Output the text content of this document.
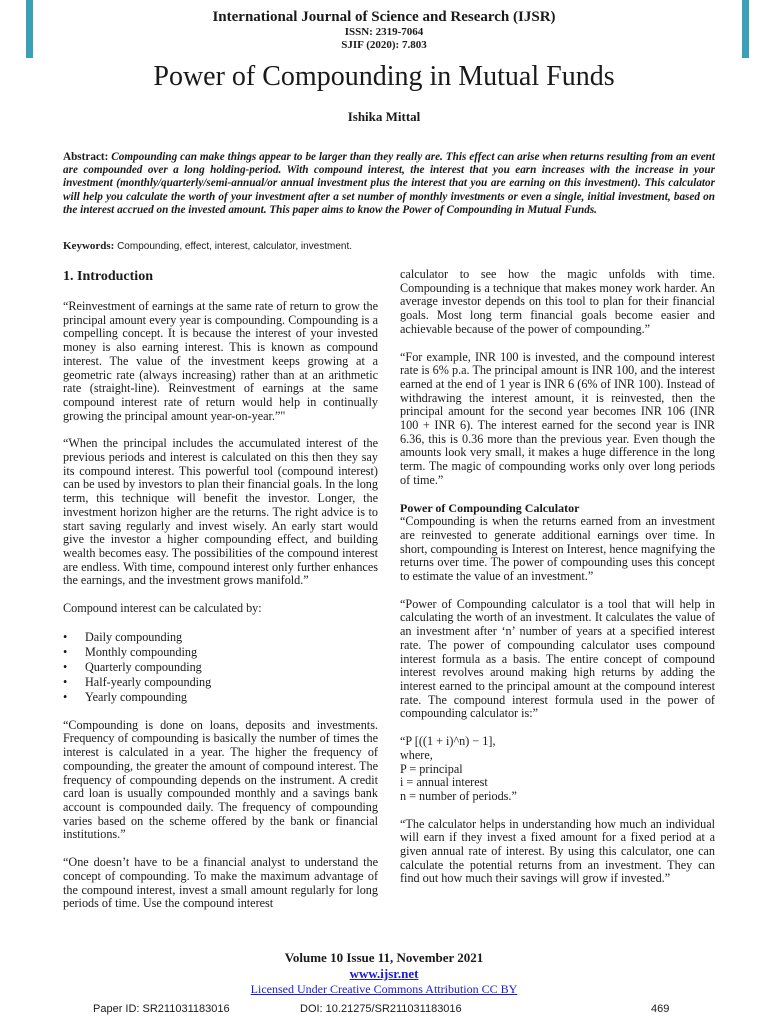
International Journal of Science and Research (IJSR)
ISSN: 2319-7064
SJIF (2020): 7.803
Power of Compounding in Mutual Funds
Ishika Mittal
Abstract: Compounding can make things appear to be larger than they really are. This effect can arise when returns resulting from an event are compounded over a long holding-period. With compound interest, the interest that you earn increases with the increase in your investment (monthly/quarterly/semi-annual/or annual investment plus the interest that you are earning on this investment). This calculator will help you calculate the worth of your investment after a set number of monthly investments or even a single, initial investment, based on the interest accrued on the invested amount. This paper aims to know the Power of Compounding in Mutual Funds.
Keywords: Compounding, effect, interest, calculator, investment.
1. Introduction

“Reinvestment of earnings at the same rate of return to grow the principal amount every year is compounding. Compounding is a compelling concept. It is because the interest of your invested money is also earning interest. This is known as compound interest. The value of the investment keeps growing at a geometric rate (always increasing) rather than at an arithmetic rate (straight-line). Reinvestment of earnings at the same compound interest rate of return would help in continually growing the principal amount year-on-year.”"

“When the principal includes the accumulated interest of the previous periods and interest is calculated on this then they say its compound interest. This powerful tool (compound interest) can be used by investors to plan their financial goals. In the long term, this technique will benefit the investor. Longer, the investment horizon higher are the returns. The right advice is to start saving regularly and invest wisely. An early start would give the investor a higher compounding effect, and building wealth becomes easy. The possibilities of the compound interest are endless. With time, compound interest only further enhances the earnings, and the investment grows manifold.”

Compound interest can be calculated by:

• Daily compounding
• Monthly compounding
• Quarterly compounding
• Half-yearly compounding
• Yearly compounding

“Compounding is done on loans, deposits and investments. Frequency of compounding is basically the number of times the interest is calculated in a year. The higher the frequency of compounding, the greater the amount of compound interest. The frequency of compounding depends on the instrument. A credit card loan is usually compounded monthly and a savings bank account is compounded daily. The frequency of compounding varies based on the scheme offered by the bank or financial institutions.”

“One doesn’t have to be a financial analyst to understand the concept of compounding. To make the maximum advantage of the compound interest, invest a small amount regularly for long periods of time. Use the compound interest

calculator to see how the magic unfolds with time. Compounding is a technique that makes money work harder. An average investor depends on this tool to plan for their financial goals. Most long term financial goals become easier and achievable because of the power of compounding.”

“For example, INR 100 is invested, and the compound interest rate is 6% p.a. The principal amount is INR 100, and the interest earned at the end of 1 year is INR 6 (6% of INR 100). Instead of withdrawing the interest amount, it is reinvested, then the principal amount for the second year becomes INR 106 (INR 100 + INR 6). The interest earned for the second year is INR 6.36, this is 0.36 more than the previous year. Even though the amounts look very small, it makes a huge difference in the long term. The magic of compounding works only over long periods of time.”

Power of Compounding Calculator

“Compounding is when the returns earned from an investment are reinvested to generate additional earnings over time. In short, compounding is Interest on Interest, hence magnifying the returns over time. The power of compounding uses this concept to estimate the value of an investment.”

“Power of Compounding calculator is a tool that will help in calculating the worth of an investment. It calculates the value of an investment after ‘n’ number of years at a specified interest rate. The power of compounding calculator uses compound interest formula as a basis. The entire concept of compound interest revolves around making high returns by adding the interest earned to the principal amount at the compound interest rate. The compound interest formula used in the power of compounding calculator is:”

“P [((1 + i)^n) − 1],

where,

P = principal

i = annual interest

n = number of periods.”

“The calculator helps in understanding how much an individual will earn if they invest a fixed amount for a fixed period at a given annual rate of interest. By using this calculator, one can calculate the potential returns from an investment. They can find out how much their savings will grow if invested.”

Volume 10 Issue 11, November 2021
www.ijsr.net
Licensed Under Creative Commons Attribution CC BY
Paper ID: SR211031183016	DOI: 10.21275/SR211031183016	469
